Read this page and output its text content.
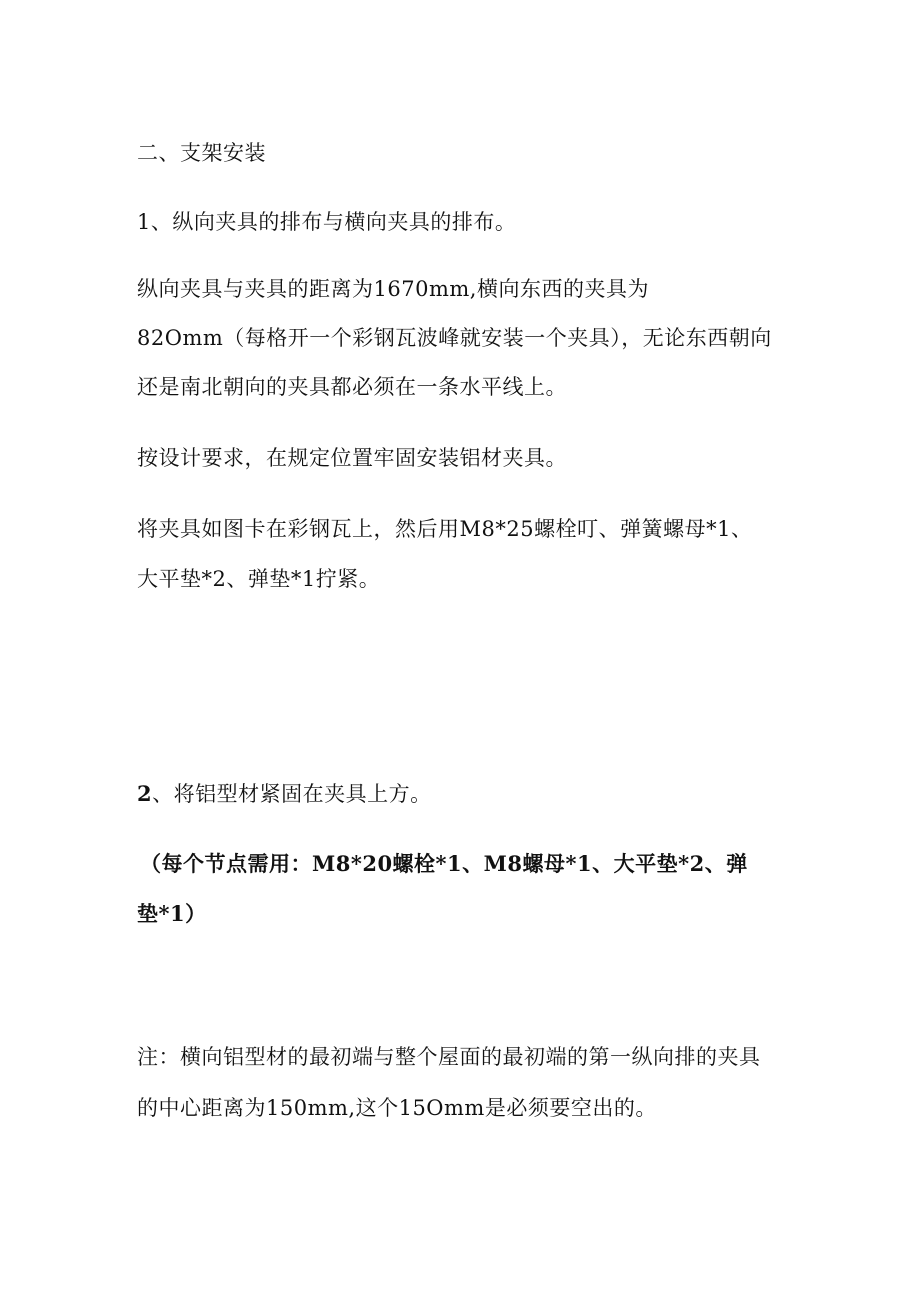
二、支架安装
1、纵向夹具的排布与横向夹具的排布。
纵向夹具与夹具的距离为1670mm,横向东西的夹具为
82Omm（每格开一个彩钢瓦波峰就安装一个夹具），无论东西朝向
还是南北朝向的夹具都必须在一条水平线上。
按设计要求，在规定位置牢固安装铝材夹具。
将夹具如图卡在彩钢瓦上，然后用M8*25螺栓叮、弹簧螺母*1、
大平垫*2、弹垫*1拧紧。
2、将铝型材紧固在夹具上方。
（每个节点需用：M8*20螺栓*1、M8螺母*1、大平垫*2、弹
垫*1）
注：横向铝型材的最初端与整个屋面的最初端的第一纵向排的夹具
的中心距离为150mm,这个15Omm是必须要空出的。
